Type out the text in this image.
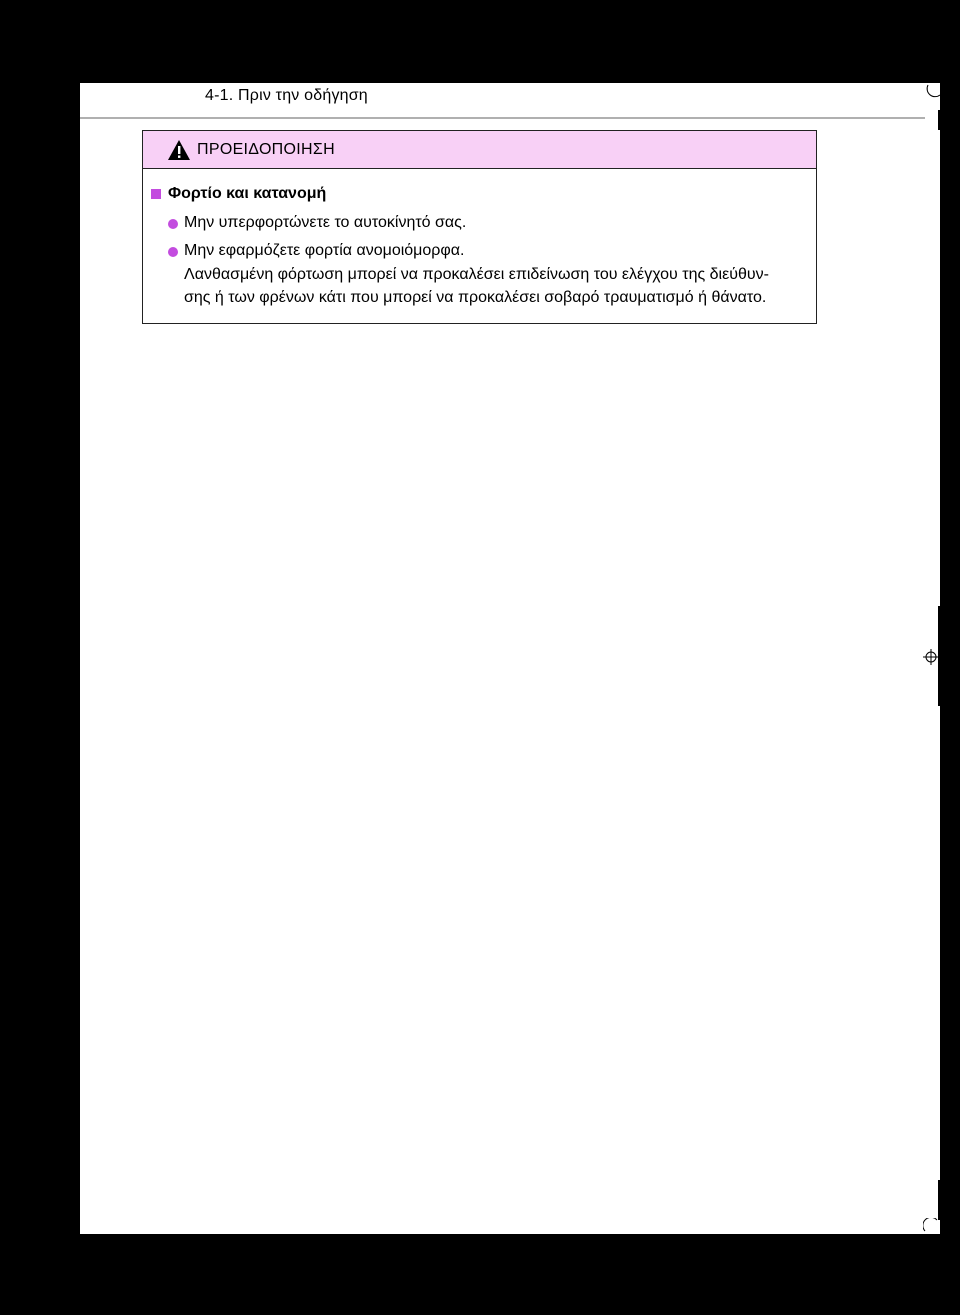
4-1. Πριν την οδήγηση
ΠΡΟΕΙΔΟΠΟΙΗΣΗ
Φορτίο και κατανομή
Μην υπερφορτώνετε το αυτοκίνητό σας.
Μην εφαρμόζετε φορτία ανομοιόμορφα.
Λανθασμένη φόρτωση μπορεί να προκαλέσει επιδείνωση του ελέγχου της διεύθυν-
σης ή των φρένων κάτι που μπορεί να προκαλέσει σοβαρό τραυματισμό ή θάνατο.
